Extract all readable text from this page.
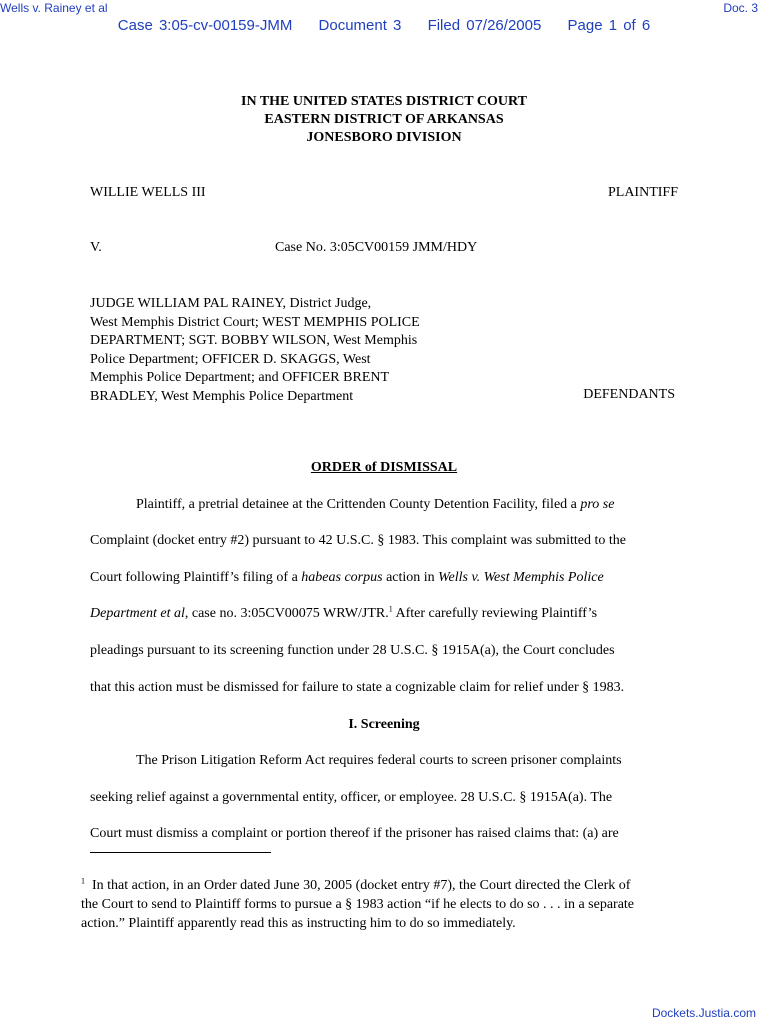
Wells v. Rainey et al	Doc. 3
Case 3:05-cv-00159-JMM Document 3 Filed 07/26/2005 Page 1 of 6
IN THE UNITED STATES DISTRICT COURT
EASTERN DISTRICT OF ARKANSAS
JONESBORO DIVISION
WILLIE WELLS III	PLAINTIFF
V.	Case No. 3:05CV00159 JMM/HDY
JUDGE WILLIAM PAL RAINEY, District Judge,
West Memphis District Court; WEST MEMPHIS POLICE
DEPARTMENT; SGT. BOBBY WILSON, West Memphis
Police Department; OFFICER D. SKAGGS, West
Memphis Police Department; and OFFICER BRENT
BRADLEY, West Memphis Police Department	DEFENDANTS
ORDER of DISMISSAL
Plaintiff, a pretrial detainee at the Crittenden County Detention Facility, filed a pro se
Complaint (docket entry #2) pursuant to 42 U.S.C. § 1983. This complaint was submitted to the
Court following Plaintiff’s filing of a habeas corpus action in Wells v. West Memphis Police
Department et al, case no. 3:05CV00075 WRW/JTR.$^1$ After carefully reviewing Plaintiff’s
pleadings pursuant to its screening function under 28 U.S.C. § 1915A(a), the Court concludes
that this action must be dismissed for failure to state a cognizable claim for relief under § 1983.
I. Screening
The Prison Litigation Reform Act requires federal courts to screen prisoner complaints
seeking relief against a governmental entity, officer, or employee. 28 U.S.C. § 1915A(a). The
Court must dismiss a complaint or portion thereof if the prisoner has raised claims that: (a) are
$^1$ In that action, in an Order dated June 30, 2005 (docket entry #7), the Court directed the Clerk of
the Court to send to Plaintiff forms to pursue a § 1983 action “if he elects to do so . . . in a separate
action.” Plaintiff apparently read this as instructing him to do so immediately.
Dockets.Justia.com
